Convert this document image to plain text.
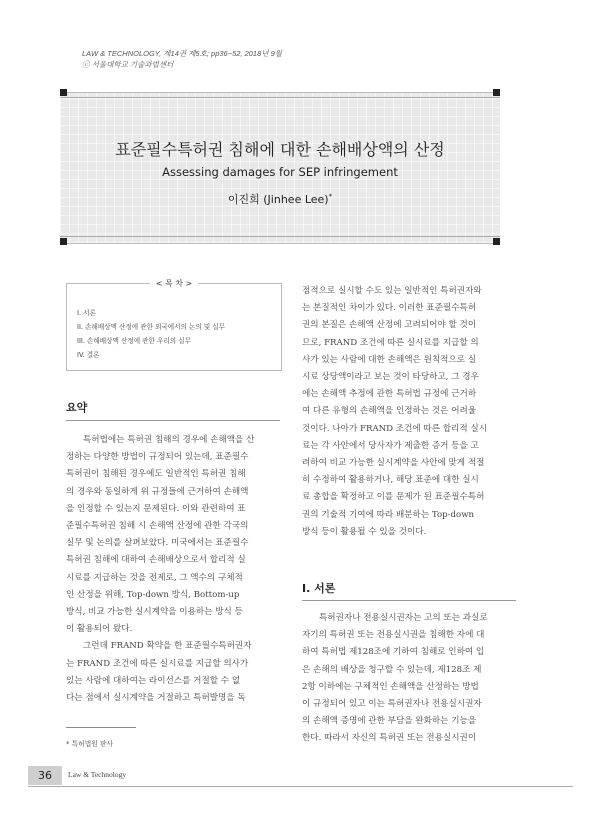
LAW & TECHNOLOGY, 제14권 제5호; pp36~52, 2018년 9월
ⓒ 서울대학교 기술과법센터
표준필수특허권 침해에 대한 손해배상액의 산정
Assessing damages for SEP infringement
이진희 (Jinhee Lee)*
< 목 차 >
I. 서론
II. 손해배상액 산정에 관한 외국에서의 논의 및 실무
III. 손해배상액 산정에 관한 우리의 실무
IV. 결론
요약

특허법에는 특허권 침해의 경우에 손해액을 산
정하는 다양한 방법이 규정되어 있는데, 표준필수
특허권이 침해된 경우에도 일반적인 특허권 침해
의 경우와 동일하게 위 규정들에 근거하여 손해액
을 인정할 수 있는지 문제된다. 이와 관련하여 표
준필수특허권 침해 시 손해액 산정에 관한 각국의
실무 및 논의를 살펴보았다. 미국에서는 표준필수
특허권 침해에 대하여 손해배상으로서 합리적 실
시료를 지급하는 것을 전제로, 그 액수의 구체적
인 산정을 위해, Top-down 방식, Bottom-up
방식, 비교 가능한 실시계약을 이용하는 방식 등
이 활용되어 왔다.

그런데 FRAND 확약을 한 표준필수특허권자
는 FRAND 조건에 따른 실시료를 지급할 의사가
있는 사람에 대하여는 라이선스를 거절할 수 없
다는 점에서 실시계약을 거절하고 특허발명을 독

점적으로 실시할 수도 있는 일반적인 특허권자와
는 본질적인 차이가 있다. 이러한 표준필수특허
권의 본질은 손해액 산정에 고려되어야 할 것이
므로, FRAND 조건에 따른 실시료를 지급할 의
사가 있는 사람에 대한 손해액은 원칙적으로 실
시료 상당액이라고 보는 것이 타당하고, 그 경우
에는 손해액 추정에 관한 특허법 규정에 근거하
여 다른 유형의 손해액을 인정하는 것은 어려울
것이다. 나아가 FRAND 조건에 따른 합리적 실시
료는 각 사안에서 당사자가 제출한 증거 등을 고
려하여 비교 가능한 실시계약을 사안에 맞게 적절
히 수정하여 활용하거나, 해당 표준에 대한 실시
료 총합을 확정하고 이를 문제가 된 표준필수특허
권의 기술적 기여에 따라 배분하는 Top-down
방식 등이 활용될 수 있을 것이다.

I. 서론

특허권자나 전용실시권자는 고의 또는 과실로
자기의 특허권 또는 전용실시권을 침해한 자에 대
하여 특허법 제128조에 기하여 침해로 인하여 입
은 손해의 배상을 청구할 수 있는데, 제128조 제
2항 이하에는 구체적인 손해액을 산정하는 방법
이 규정되어 있고 이는 특허권자나 전용실시권자
의 손해액 증명에 관한 부담을 완화하는 기능을
한다. 따라서 자신의 특허권 또는 전용실시권이

* 특허법원 판사
36	Law & Technology
